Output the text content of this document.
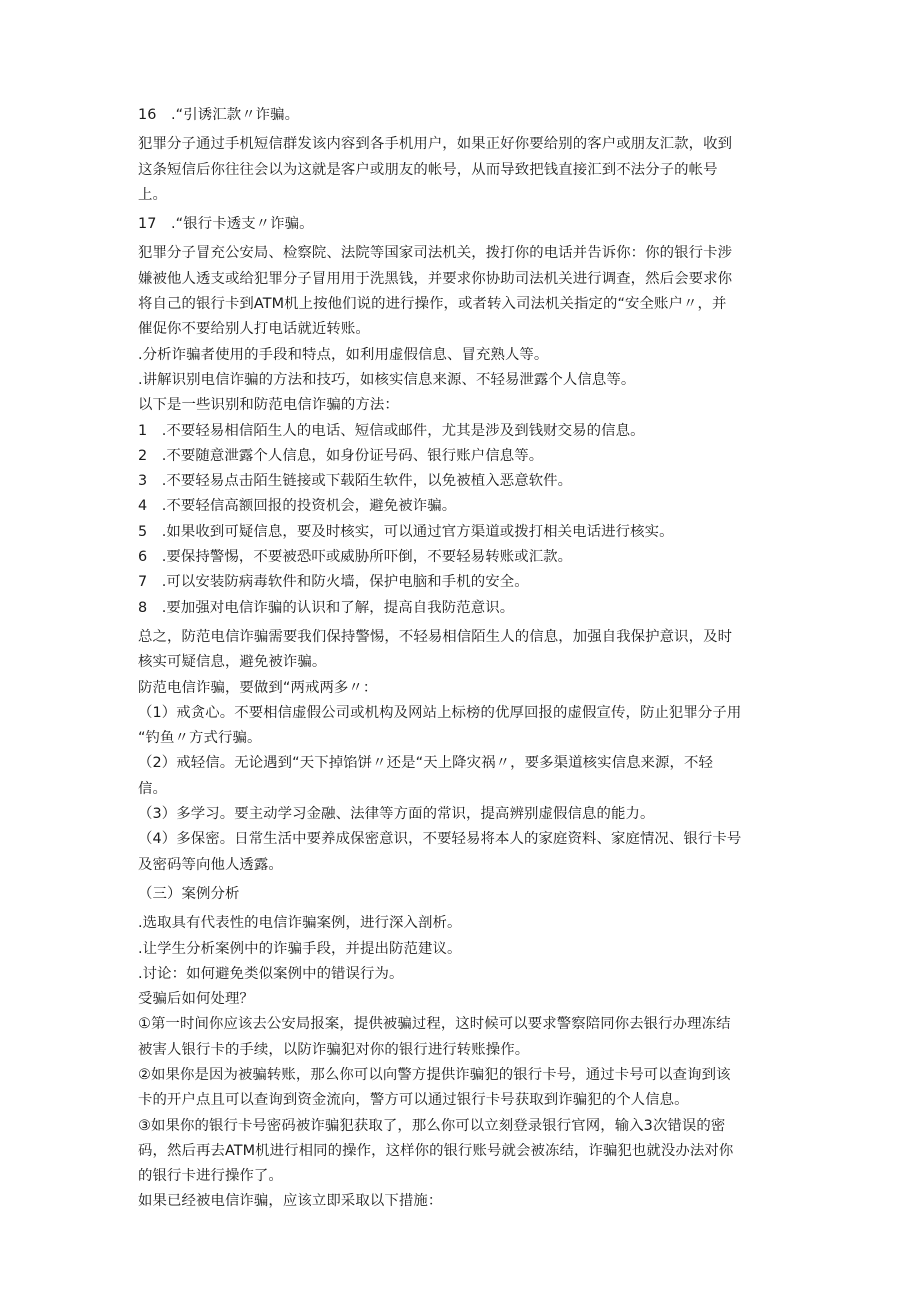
16　.“引诱汇款〃诈骗。
犯罪分子通过手机短信群发该内容到各手机用户，如果正好你要给别的客户或朋友汇款，收到
这条短信后你往往会以为这就是客户或朋友的帐号，从而导致把钱直接汇到不法分子的帐号
上。
17　.“银行卡透支〃诈骗。
犯罪分子冒充公安局、检察院、法院等国家司法机关，拨打你的电话并告诉你：你的银行卡涉
嫌被他人透支或给犯罪分子冒用用于洗黑钱，并要求你协助司法机关进行调查，然后会要求你
将自己的银行卡到ATM机上按他们说的进行操作，或者转入司法机关指定的“安全账户〃，并
催促你不要给别人打电话就近转账。
.分析诈骗者使用的手段和特点，如利用虚假信息、冒充熟人等。
.讲解识别电信诈骗的方法和技巧，如核实信息来源、不轻易泄露个人信息等。
以下是一些识别和防范电信诈骗的方法：
1　.不要轻易相信陌生人的电话、短信或邮件，尤其是涉及到钱财交易的信息。
2　.不要随意泄露个人信息，如身份证号码、银行账户信息等。
3　.不要轻易点击陌生链接或下载陌生软件，以免被植入恶意软件。
4　.不要轻信高额回报的投资机会，避免被诈骗。
5　.如果收到可疑信息，要及时核实，可以通过官方渠道或拨打相关电话进行核实。
6　.要保持警惕，不要被恐吓或威胁所吓倒，不要轻易转账或汇款。
7　.可以安装防病毒软件和防火墙，保护电脑和手机的安全。
8　.要加强对电信诈骗的认识和了解，提高自我防范意识。
总之，防范电信诈骗需要我们保持警惕，不轻易相信陌生人的信息，加强自我保护意识，及时
核实可疑信息，避免被诈骗。
防范电信诈骗，要做到“两戒两多〃：
（1）戒贪心。不要相信虚假公司或机构及网站上标榜的优厚回报的虚假宣传，防止犯罪分子用
“钓鱼〃方式行骗。
（2）戒轻信。无论遇到“天下掉馅饼〃还是“天上降灾祸〃，要多渠道核实信息来源，不轻
信。
（3）多学习。要主动学习金融、法律等方面的常识，提高辨别虚假信息的能力。
（4）多保密。日常生活中要养成保密意识，不要轻易将本人的家庭资料、家庭情况、银行卡号
及密码等向他人透露。
（三）案例分析
.选取具有代表性的电信诈骗案例，进行深入剖析。
.让学生分析案例中的诈骗手段，并提出防范建议。
.讨论：如何避免类似案例中的错误行为。
受骗后如何处理？
①第一时间你应该去公安局报案，提供被骗过程，这时候可以要求警察陪同你去银行办理冻结
被害人银行卡的手续，以防诈骗犯对你的银行进行转账操作。
②如果你是因为被骗转账，那么你可以向警方提供诈骗犯的银行卡号，通过卡号可以查询到该
卡的开户点且可以查询到资金流向，警方可以通过银行卡号获取到诈骗犯的个人信息。
③如果你的银行卡号密码被诈骗犯获取了，那么你可以立刻登录银行官网，输入3次错误的密
码，然后再去ATM机进行相同的操作，这样你的银行账号就会被冻结，诈骗犯也就没办法对你
的银行卡进行操作了。
如果已经被电信诈骗，应该立即采取以下措施：
